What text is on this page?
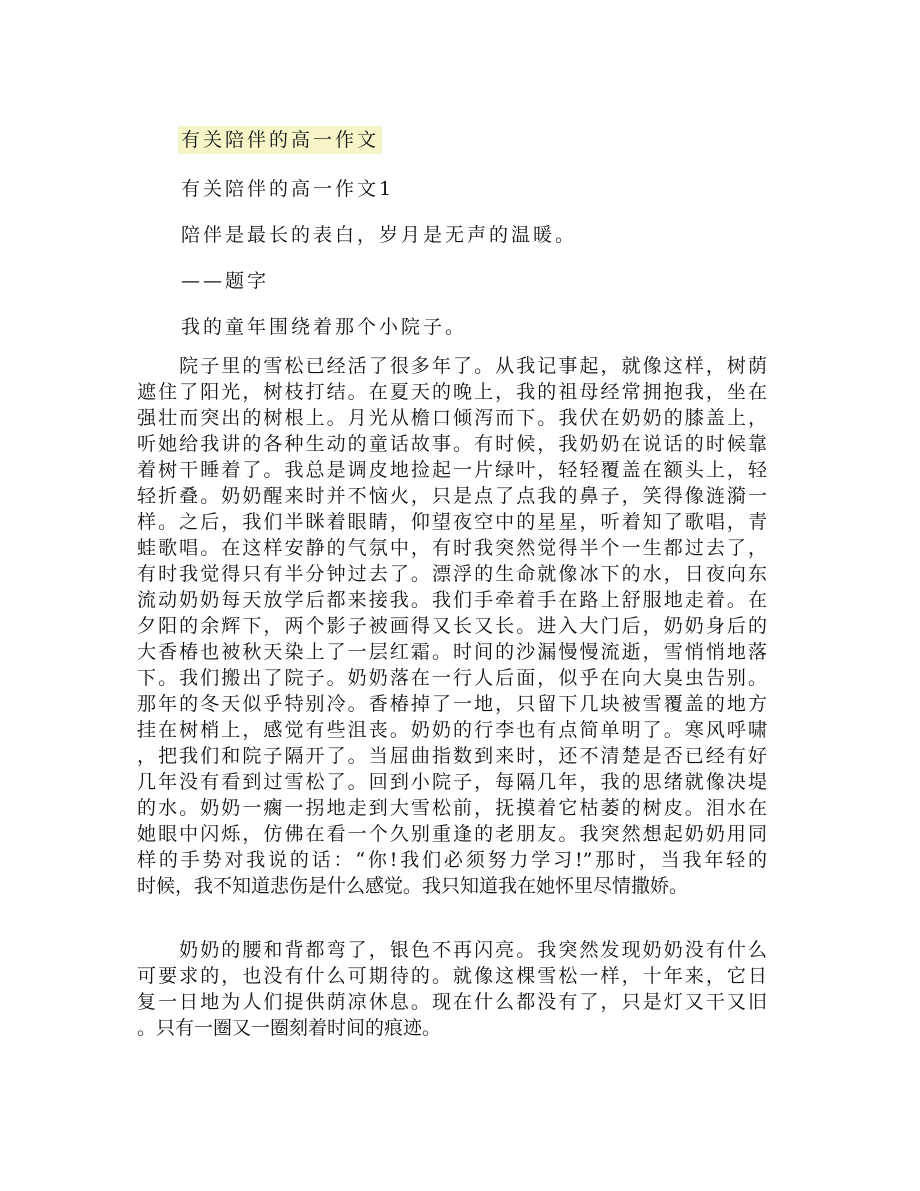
有关陪伴的高一作文
有关陪伴的高一作文1
陪伴是最长的表白，岁月是无声的温暖。
——题字
我的童年围绕着那个小院子。
　　院子里的雪松已经活了很多年了。从我记事起，就像这样，树荫
遮住了阳光，树枝打结。在夏天的晚上，我的祖母经常拥抱我，坐在
强壮而突出的树根上。月光从檐口倾泻而下。我伏在奶奶的膝盖上，
听她给我讲的各种生动的童话故事。有时候，我奶奶在说话的时候靠
着树干睡着了。我总是调皮地捡起一片绿叶，轻轻覆盖在额头上，轻
轻折叠。奶奶醒来时并不恼火，只是点了点我的鼻子，笑得像涟漪一
样。之后，我们半眯着眼睛，仰望夜空中的星星，听着知了歌唱，青
蛙歌唱。在这样安静的气氛中，有时我突然觉得半个一生都过去了，
有时我觉得只有半分钟过去了。漂浮的生命就像冰下的水，日夜向东
流动奶奶每天放学后都来接我。我们手牵着手在路上舒服地走着。在
夕阳的余辉下，两个影子被画得又长又长。进入大门后，奶奶身后的
大香椿也被秋天染上了一层红霜。时间的沙漏慢慢流逝，雪悄悄地落
下。我们搬出了院子。奶奶落在一行人后面，似乎在向大臭虫告别。
那年的冬天似乎特别冷。香椿掉了一地，只留下几块被雪覆盖的地方
挂在树梢上，感觉有些沮丧。奶奶的行李也有点简单明了。寒风呼啸
，把我们和院子隔开了。当屈曲指数到来时，还不清楚是否已经有好
几年没有看到过雪松了。回到小院子，每隔几年，我的思绪就像决堤
的水。奶奶一瘸一拐地走到大雪松前，抚摸着它枯萎的树皮。泪水在
她眼中闪烁，仿佛在看一个久别重逢的老朋友。我突然想起奶奶用同
样的手势对我说的话：“你!我们必须努力学习!”那时，当我年轻的
时候，我不知道悲伤是什么感觉。我只知道我在她怀里尽情撒娇。
　　奶奶的腰和背都弯了，银色不再闪亮。我突然发现奶奶没有什么
可要求的，也没有什么可期待的。就像这棵雪松一样，十年来，它日
复一日地为人们提供荫凉休息。现在什么都没有了，只是灯又干又旧
。只有一圈又一圈刻着时间的痕迹。
